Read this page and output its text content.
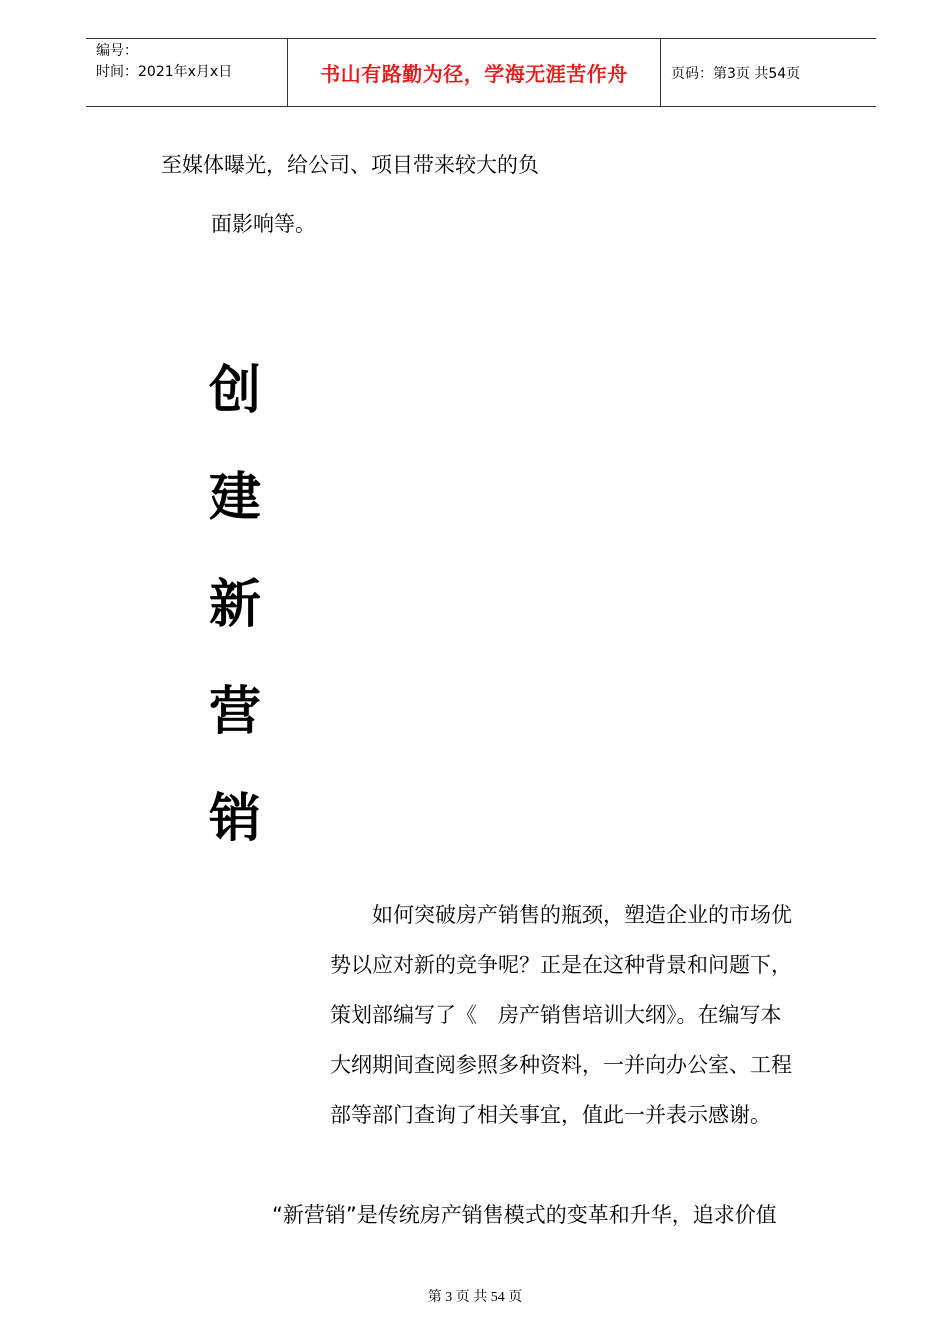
编号：
时间：2021年x月x日	书山有路勤为径，学海无涯苦作舟	页码：第3页 共54页
至媒体曝光，给公司、项目带来较大的负
面影响等。
创
建
新
营
销
　　如何突破房产销售的瓶颈，塑造企业的市场优
势以应对新的竞争呢？正是在这种背景和问题下，
策划部编写了《　房产销售培训大纲》。在编写本
大纲期间查阅参照多种资料，一并向办公室、工程
部等部门查询了相关事宜，值此一并表示感谢。
“新营销”是传统房产销售模式的变革和升华，追求价值
第 3 页 共 54 页
